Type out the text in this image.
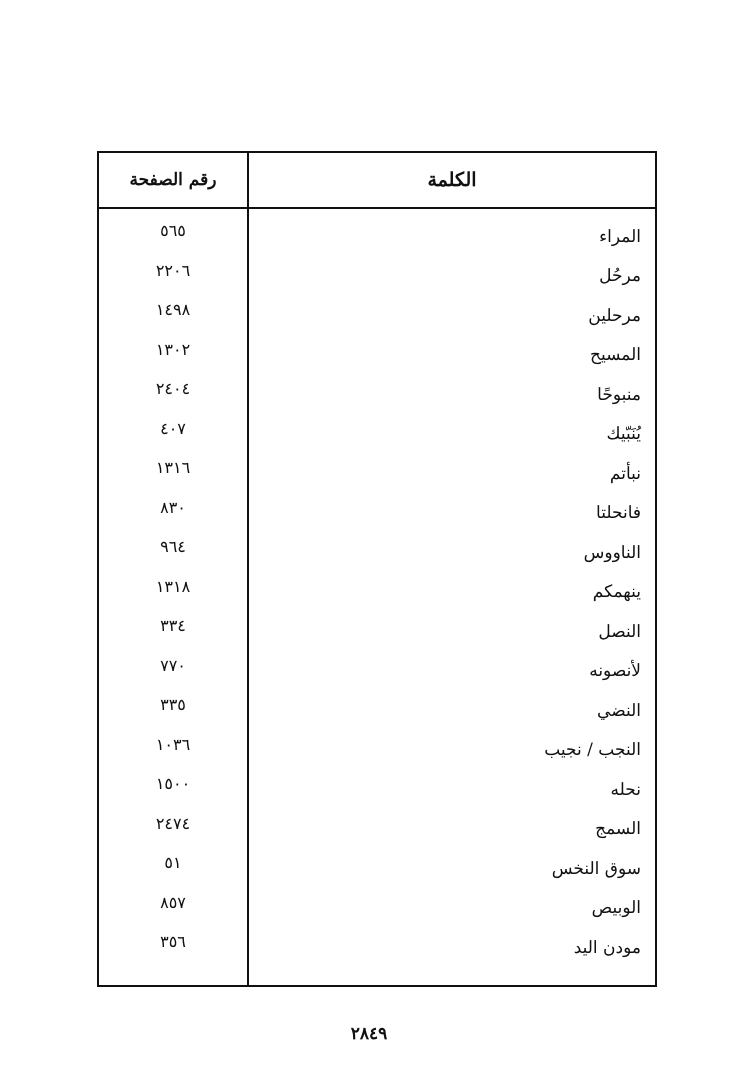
رقم الصفحة	الكلمة
٥٦٥	المراء
٢٢٠٦	مرحُل
١٤٩٨	مرحلين
١٣٠٢	المسيح
٢٤٠٤	منبوحًا
٤٠٧	يُنَبّيك
١٣١٦	نبأتم
٨٣٠	فانحلتا
٩٦٤	الناووس
١٣١٨	ينهمكم
٣٣٤	النصل
٧٧٠	لأنصونه
٣٣٥	النضي
١٠٣٦	النجب / نجيب
١٥٠٠	نحله
٢٤٧٤	السمج
٥١	سوق النخس
٨٥٧	الوبيص
٣٥٦	مودن اليد
٢٨٤٩
